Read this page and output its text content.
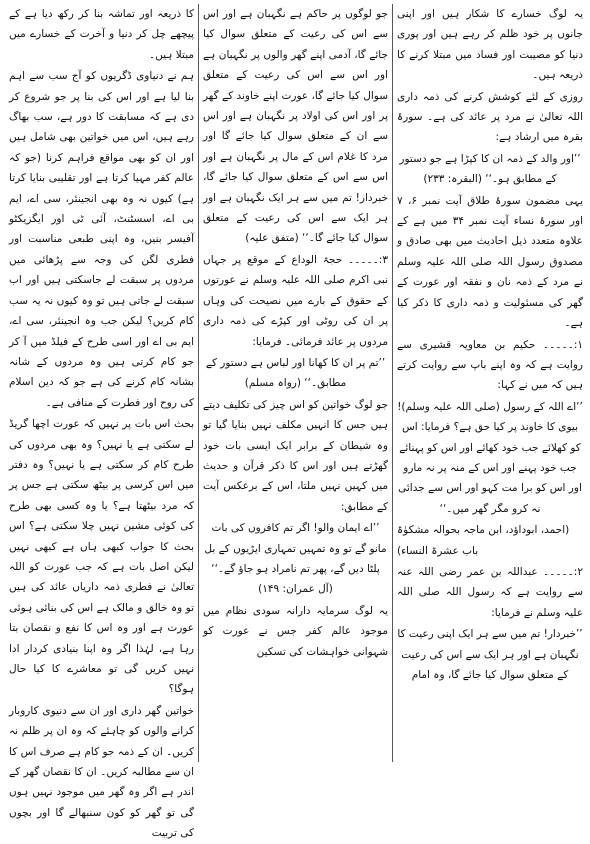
یہ لوگ خسارے کا شکار ہیں اور اپنی جانوں پر خود ظلم کر رہے ہیں اور پوری دنیا کو مصیبت اور فساد میں مبتلا کرنے کا ذریعہ ہیں۔

روزی کے لئے کوشش کرنے کی ذمہ داری اللہ تعالیٰ نے مرد پر عائد کی ہے۔ سورۂ بقرہ میں ارشاد ہے:

’’اور والد کے ذمہ ان کا کپڑا ہے جو دستور کے مطابق ہو۔‘‘ (البقرہ: ۲۳۳)

یہی مضمون سورۂ طلاق آیت نمبر ۶، ۷ اور سورۂ نساء آیت نمبر ۳۴ میں ہے کے علاوہ متعدد ذیل احادیث میں بھی صادق و مصدوق رسول اللہ صلی اللہ علیہ وسلم نے مرد کے ذمہ نان و نفقہ اور عورت کے گھر کی مسئولیت و ذمہ داری کا ذکر کیا ہے۔

۱:۔۔۔۔۔ حکیم بن معاویہ قشیری سے روایت ہے کہ وہ اپنے باپ سے روایت کرتے ہیں کہ میں نے کہا:

’’اے اللہ کے رسول (صلی اللہ علیہ وسلم)! بیوی کا خاوند پر کیا حق ہے؟ فرمایا: اس کو کھلائے جب خود کھائے اور اس کو پہنائے جب خود پہنے اور اس کے منہ پر نہ مارو اور اس کو برا مت کہو اور اس سے جدائی نہ کرو مگر گھر میں۔‘‘

(احمد، ابوداؤد، ابن ماجہ بحوالہ مشکوٰۃ باب عشرۃ النساء)

۲:۔۔۔۔۔ عبداللہ بن عمر رضی اللہ عنہ سے روایت ہے کہ رسول اللہ صلی اللہ علیہ وسلم نے فرمایا:

’’خبردار! تم میں سے ہر ایک اپنی رعیت کا نگہبان ہے اور ہر ایک سے اس کی رعیت کے متعلق سوال کیا جائے گا، وہ امام

جو لوگوں پر حاکم ہے نگہبان ہے اور اس سے اس کی رعیت کے متعلق سوال کیا جائے گا، آدمی اپنے گھر والوں پر نگہبان ہے اور اس سے اس کی رعیت کے متعلق سوال کیا جائے گا، عورت اپنے خاوند کے گھر پر اور اس کی اولاد پر نگہبان ہے اور اس سے ان کے متعلق سوال کیا جائے گا اور مرد کا غلام اس کے مال پر نگہبان ہے اور اس سے اس کے متعلق سوال کیا جائے گا، خبردار! تم میں سے ہر ایک نگہبان ہے اور ہر ایک سے اس کی رعیت کے متعلق سوال کیا جائے گا۔‘‘ (متفق علیہ)

۳:۔۔۔۔۔ حجۃ الوداع کے موقع پر جہاں نبی اکرم صلی اللہ علیہ وسلم نے عورتوں کے حقوق کے بارے میں نصیحت کی وہاں پر ان کی روٹی اور کپڑے کی ذمہ داری مردوں پر عائد فرمائی۔ فرمایا:

’’تم پر ان کا کھانا اور لباس ہے دستور کے مطابق۔‘‘ (رواہ مسلم)

جو لوگ خواتین کو اس چیز کی تکلیف دیتے ہیں جس کا انہیں مکلف نہیں بنایا گیا تو وہ شیطان کے برابر ایک ایسی بات خود گھڑتے ہیں اور اس کا ذکر قرآن و حدیث میں کہیں نہیں ملتا، اس کے برعکس آیت کے مطابق:

’’اے ایمان والو! اگر تم کافروں کی بات مانو گے تو وہ تمہیں تمہاری ایڑیوں کے بل پلٹا دیں گے، پھر تم نامراد ہو جاؤ گے۔‘‘ (آل عمران: ۱۴۹)

یہ لوگ سرمایہ دارانہ سودی نظام میں موجود عالم کفر جس نے عورت کو شہوانی خواہشات کی تسکین

کا ذریعہ اور تماشہ بنا کر رکھ دیا ہے کے پیچھے چل کر دنیا و آخرت کے خسارے میں مبتلا ہیں۔

ہم نے دنیاوی ڈگریوں کو آج سب سے اہم بنا لیا ہے اور اس کی بنا پر جو شروع کر دی ہے کہ مسابقت کا دور ہے، سب بھاگ رہے ہیں، اس میں خواتین بھی شامل ہیں اور ان کو بھی مواقع فراہم کرنا (جو کہ عالم کفر مہیا کرتا ہے اور تقلیبی بنایا کرتا ہے) کیوں نہ وہ بھی انجینئر، سی اے، ایم بی اے، اسسٹنٹ، آئی ٹی اور ایگزیکٹو آفیسر بنیں، وہ اپنی طبعی مناسبت اور فطری لگن کی وجہ سے پڑھائی میں مردوں پر سبقت لے جاسکتی ہیں اور اب سبقت لے جاتی ہیں تو وہ کیوں نہ یہ سب کام کریں؟ لیکن جب وہ انجینئر، سی اے، ایم بی اے اور اسی طرح کے فیلڈ میں آ کر جو کام کرتی ہیں وہ مردوں کے شانہ بشانہ کام کرنے کی ہے جو کہ دین اسلام کی روح اور فطرت کے منافی ہے۔

بحث اس بات پر نہیں کہ عورت اچھا گریڈ لے سکتی ہے یا نہیں؟ وہ بھی مردوں کی طرح کام کر سکتی ہے یا نہیں؟ وہ دفتر میں اس کرسی پر بیٹھ سکتی ہے جس پر کہ مرد بیٹھتا ہے؟ یا وہ کسی بھی طرح کی کوئی مشین نہیں چلا سکتی ہے؟ اس بحث کا جواب کبھی ہاں ہے کبھی نہیں لیکن اصل بات ہے کہ جب عورت کو اللہ تعالیٰ نے فطری ذمہ داریاں عائد کی ہیں تو وہ خالق و مالک ہے اس کی بنائی ہوئی عورت ہے اور وہ اس کا نفع و نقصان بتا رہا ہے، لہٰذا اگر وہ اپنا بنیادی کردار ادا نہیں کریں گی تو معاشرے کا کیا حال ہوگا؟

خواتین گھر داری اور ان سے دنیوی کاروبار کرانے والوں کو چاہئے کہ وہ ان پر ظلم نہ کریں۔ ان کے ذمہ جو کام ہے صرف اس کا ان سے مطالبہ کریں۔ ان کا نقصان گھر کے اندر ہے اگر وہ گھر میں موجود نہیں ہوں گی تو گھر کو کون سنبھالے گا اور بچوں کی تربیت
